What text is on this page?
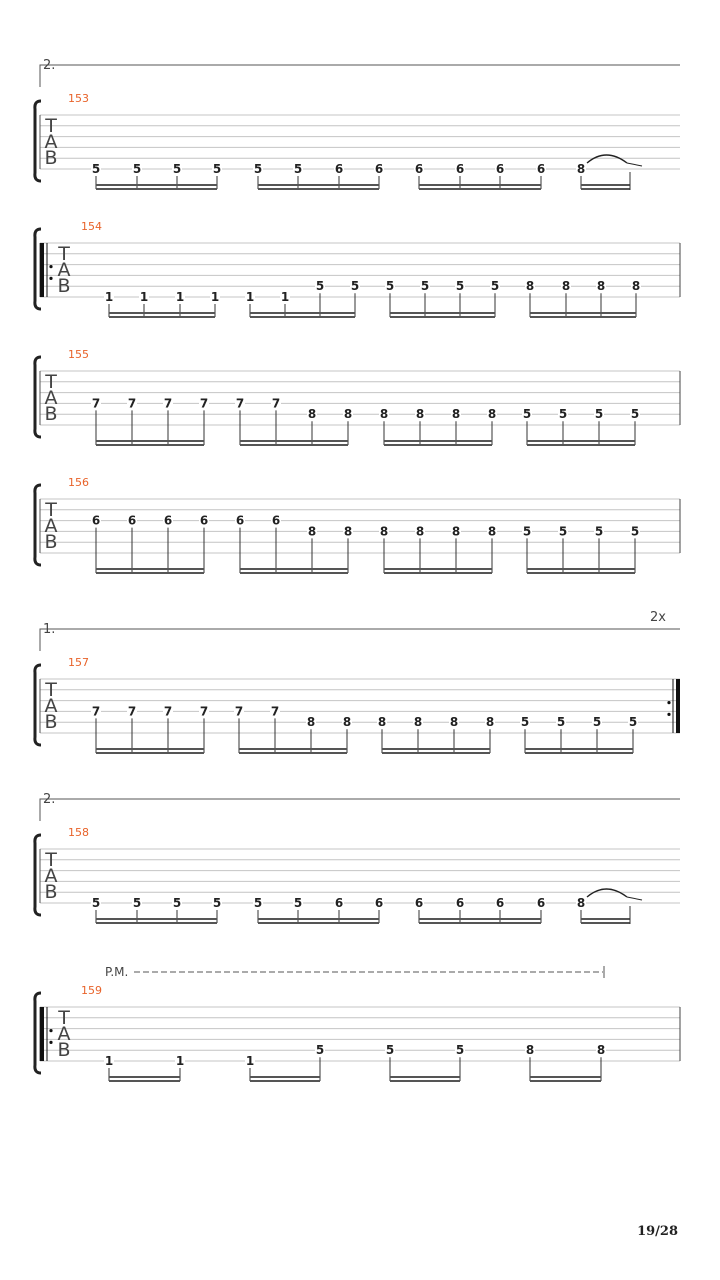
2.
153
T
A
B	5	5	5	5	5	5	6	6	6	6	6	6	8
154
T
A
B	1 1 1 1 1 1
5 5 5 5 5 5 8 8 8 8
155
T
A
B	7 7 7 7 7 7
8 8 8 8 8 8 5 5 5 5
156
T
A
B
6 6 6 6 6 6
8 8 8 8 8 8 5 5 5 5
1.
2x
157
T
A
B	7 7 7 7 7 7
8 8 8 8 8 8 5 5 5 5
2.
158
T
A
B	5	5	5	5	5	5	6	6	6	6	6	6	8
P.M.
159
T
A
B	1	1	1
5	5	5	8	8
19/28
